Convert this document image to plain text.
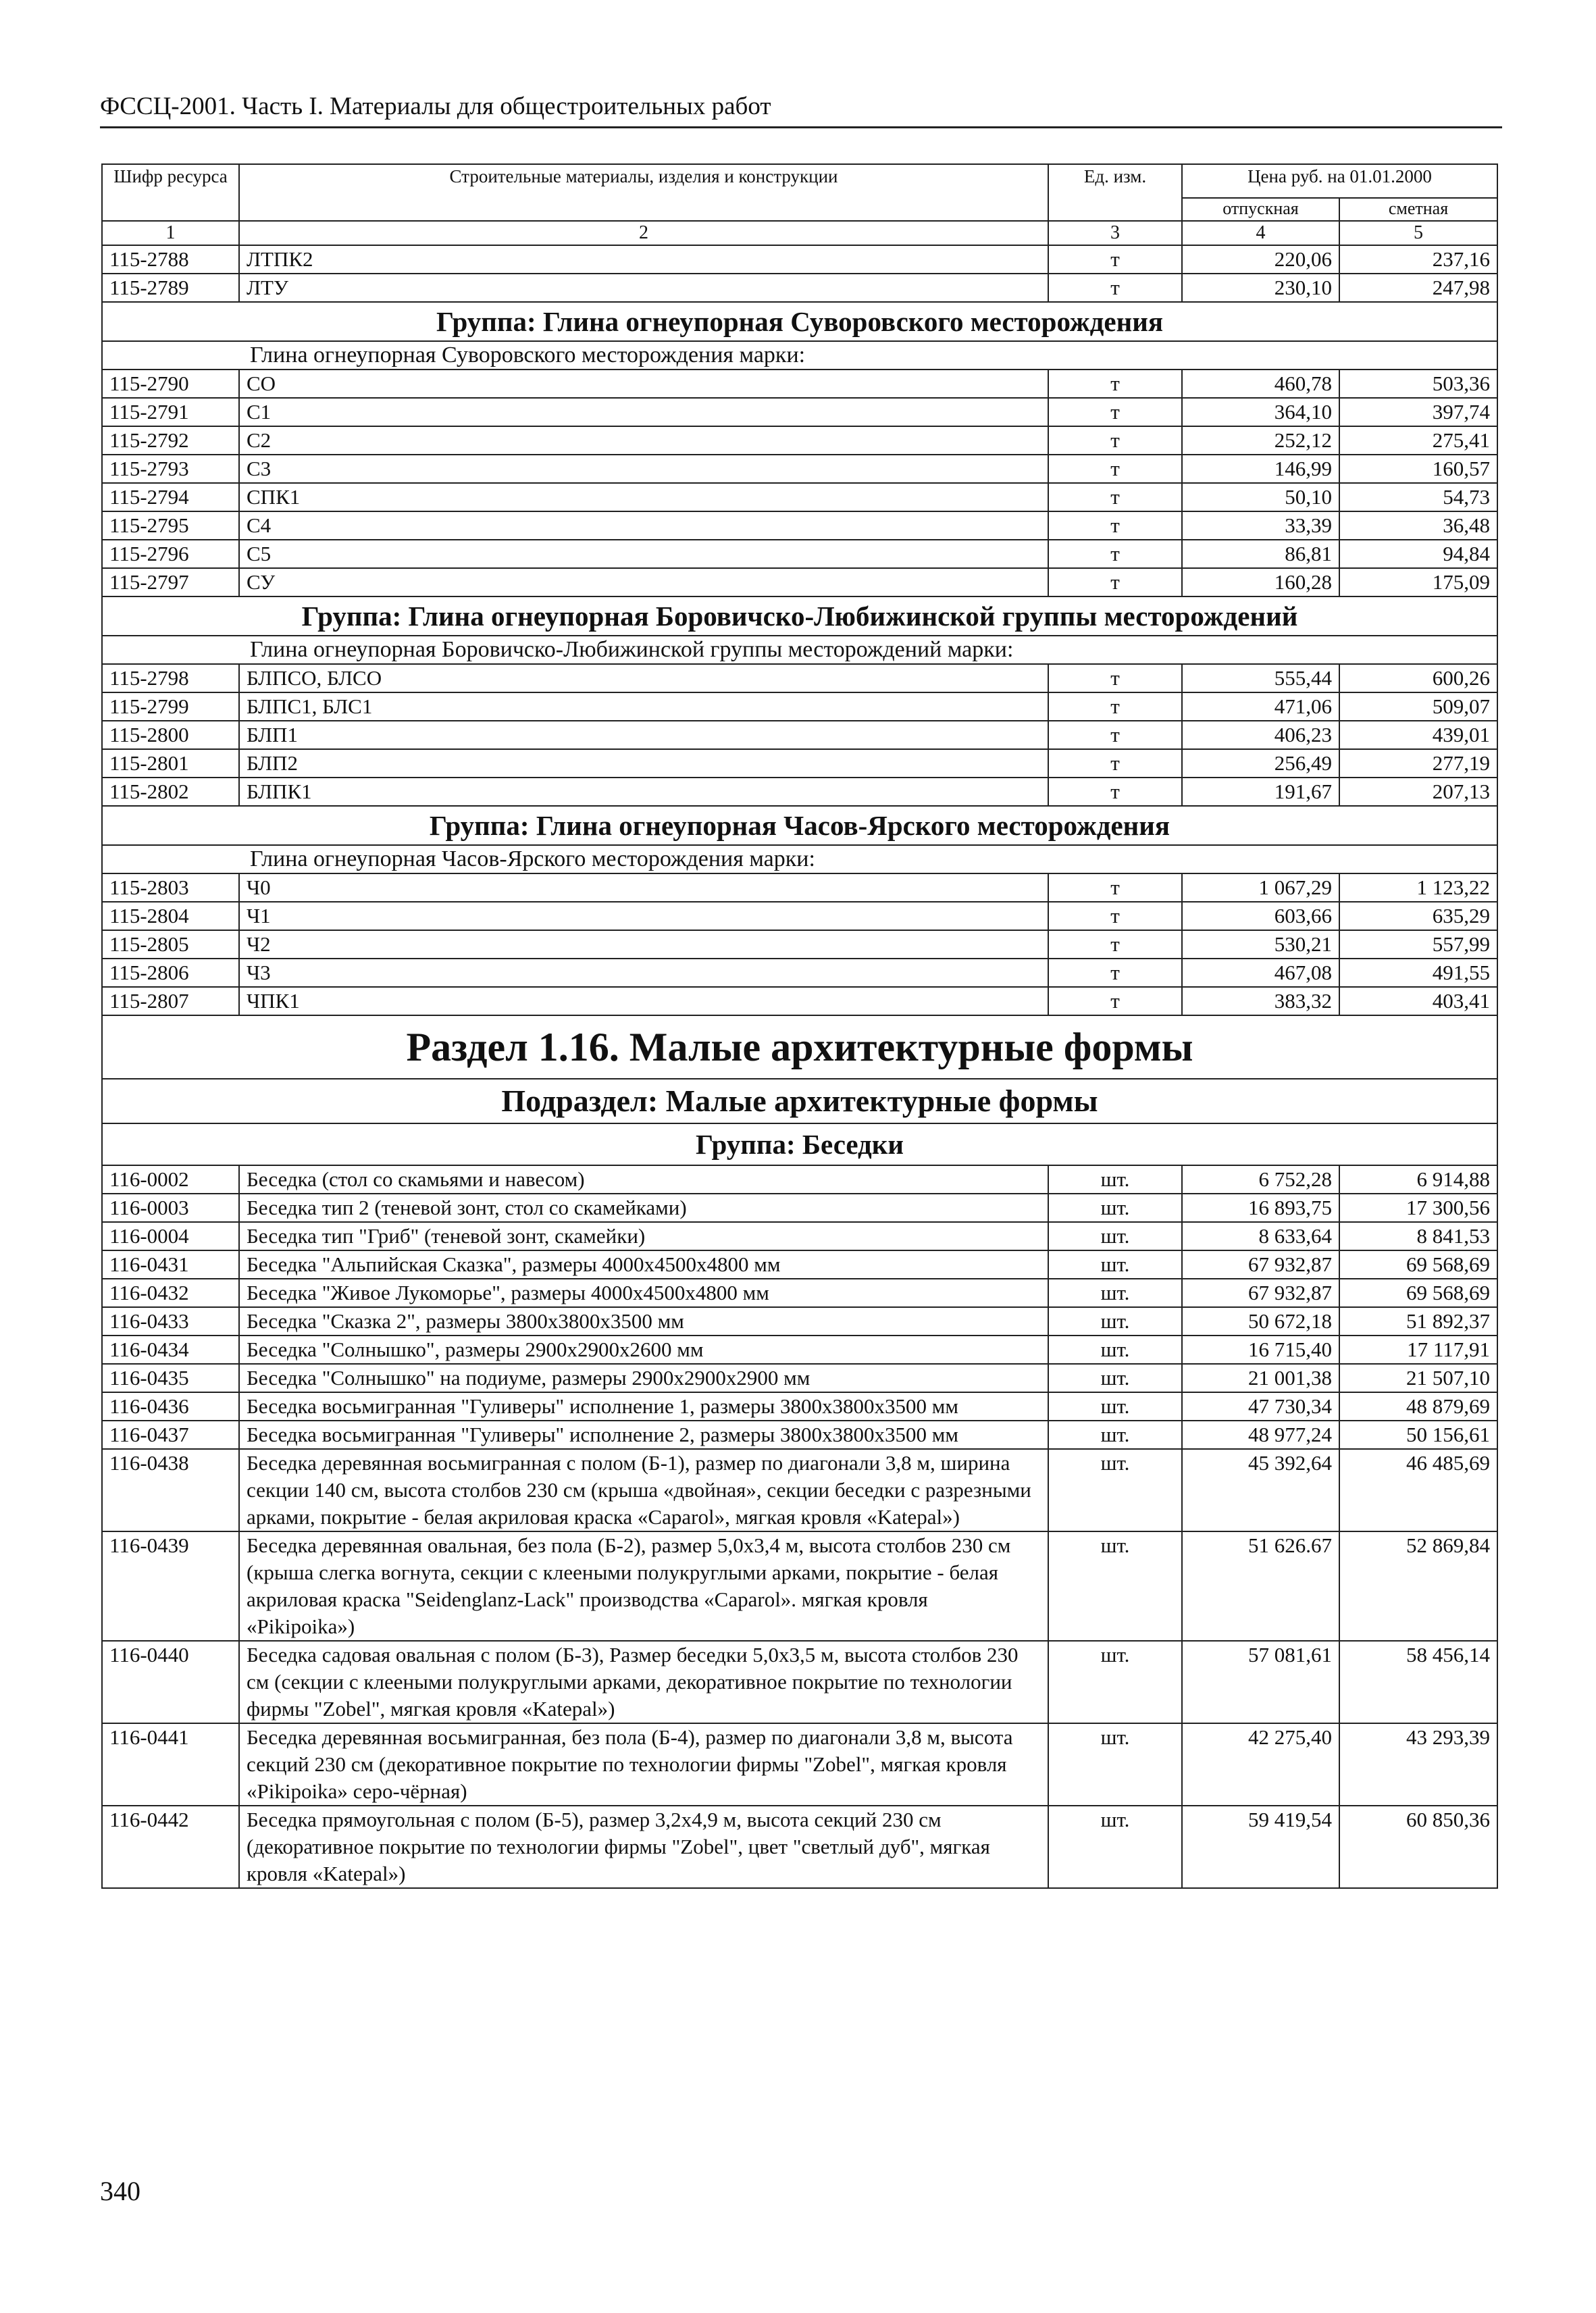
ФССЦ-2001. Часть I. Материалы для общестроительных работ
Шифр ресурса	Строительные материалы, изделия и конструкции	Ед. изм.	Цена руб. на 01.01.2000	
			отпускная	сметная
1	2	3	4	5
115-2788	ЛТПК2	т	220,06	237,16
115-2789	ЛТУ	т	230,10	247,98
Группа: Глина огнеупорная Суворовского месторождения				
Глина огнеупорная Суворовского месторождения марки:				
115-2790	СО	т	460,78	503,36
115-2791	С1	т	364,10	397,74
115-2792	С2	т	252,12	275,41
115-2793	С3	т	146,99	160,57
115-2794	СПК1	т	50,10	54,73
115-2795	С4	т	33,39	36,48
115-2796	С5	т	86,81	94,84
115-2797	СУ	т	160,28	175,09
Группа: Глина огнеупорная Боровичско-Любижинской группы месторождений				
Глина огнеупорная Боровичско-Любижинской группы месторождений марки:				
115-2798	БЛПСО, БЛСО	т	555,44	600,26
115-2799	БЛПС1, БЛС1	т	471,06	509,07
115-2800	БЛП1	т	406,23	439,01
115-2801	БЛП2	т	256,49	277,19
115-2802	БЛПК1	т	191,67	207,13
Группа: Глина огнеупорная Часов-Ярского месторождения				
Глина огнеупорная Часов-Ярского месторождения марки:				
115-2803	Ч0	т	1 067,29	1 123,22
115-2804	Ч1	т	603,66	635,29
115-2805	Ч2	т	530,21	557,99
115-2806	Ч3	т	467,08	491,55
115-2807	ЧПК1	т	383,32	403,41
Раздел 1.16. Малые архитектурные формы				
Подраздел: Малые архитектурные формы				
Группа: Беседки				
116-0002	Беседка (стол со скамьями и навесом)	шт.	6 752,28	6 914,88
116-0003	Беседка тип 2 (теневой зонт, стол со скамейками)	шт.	16 893,75	17 300,56
116-0004	Беседка тип "Гриб" (теневой зонт, скамейки)	шт.	8 633,64	8 841,53
116-0431	Беседка "Альпийская Сказка", размеры 4000х4500х4800 мм	шт.	67 932,87	69 568,69
116-0432	Беседка "Живое Лукоморье", размеры 4000х4500х4800 мм	шт.	67 932,87	69 568,69
116-0433	Беседка "Сказка 2", размеры 3800х3800х3500 мм	шт.	50 672,18	51 892,37
116-0434	Беседка "Солнышко", размеры 2900х2900х2600 мм	шт.	16 715,40	17 117,91
116-0435	Беседка "Солнышко" на подиуме, размеры 2900х2900х2900 мм	шт.	21 001,38	21 507,10
116-0436	Беседка восьмигранная "Гуливеры" исполнение 1, размеры 3800х3800х3500 мм	шт.	47 730,34	48 879,69
116-0437	Беседка восьмигранная "Гуливеры" исполнение 2, размеры 3800х3800х3500 мм	шт.	48 977,24	50 156,61
116-0438	Беседка деревянная восьмигранная с полом (Б-1), размер по диагонали 3,8 м, ширина секции 140 см, высота столбов 230 см (крыша «двойная», секции беседки с разрезными арками, покрытие - белая акриловая краска «Caparol», мягкая кровля «Katepal»)	шт.	45 392,64	46 485,69
116-0439	Беседка деревянная овальная, без пола (Б-2), размер 5,0х3,4 м, высота столбов 230 см (крыша слегка вогнута, секции с клееными полукруглыми арками, покрытие - белая акриловая краска "Seidenglanz-Lack" производства «Caparol». мягкая кровля «Pikipoika»)	шт.	51 626.67	52 869,84
116-0440	Беседка садовая овальная с полом (Б-3), Размер беседки 5,0х3,5 м, высота столбов 230 см (секции с клееными полукруглыми арками, декоративное покрытие по технологии фирмы "Zobel", мягкая кровля «Katepal»)	шт.	57 081,61	58 456,14
116-0441	Беседка деревянная восьмигранная, без пола (Б-4), размер по диагонали 3,8 м, высота секций 230 см (декоративное покрытие по технологии фирмы "Zobel", мягкая кровля «Pikipoika» серо-чёрная)	шт.	42 275,40	43 293,39
116-0442	Беседка прямоугольная с полом (Б-5), размер 3,2х4,9 м, высота секций 230 см (декоративное покрытие по технологии фирмы "Zobel", цвет "светлый дуб", мягкая кровля «Katepal»)	шт.	59 419,54	60 850,36
340
